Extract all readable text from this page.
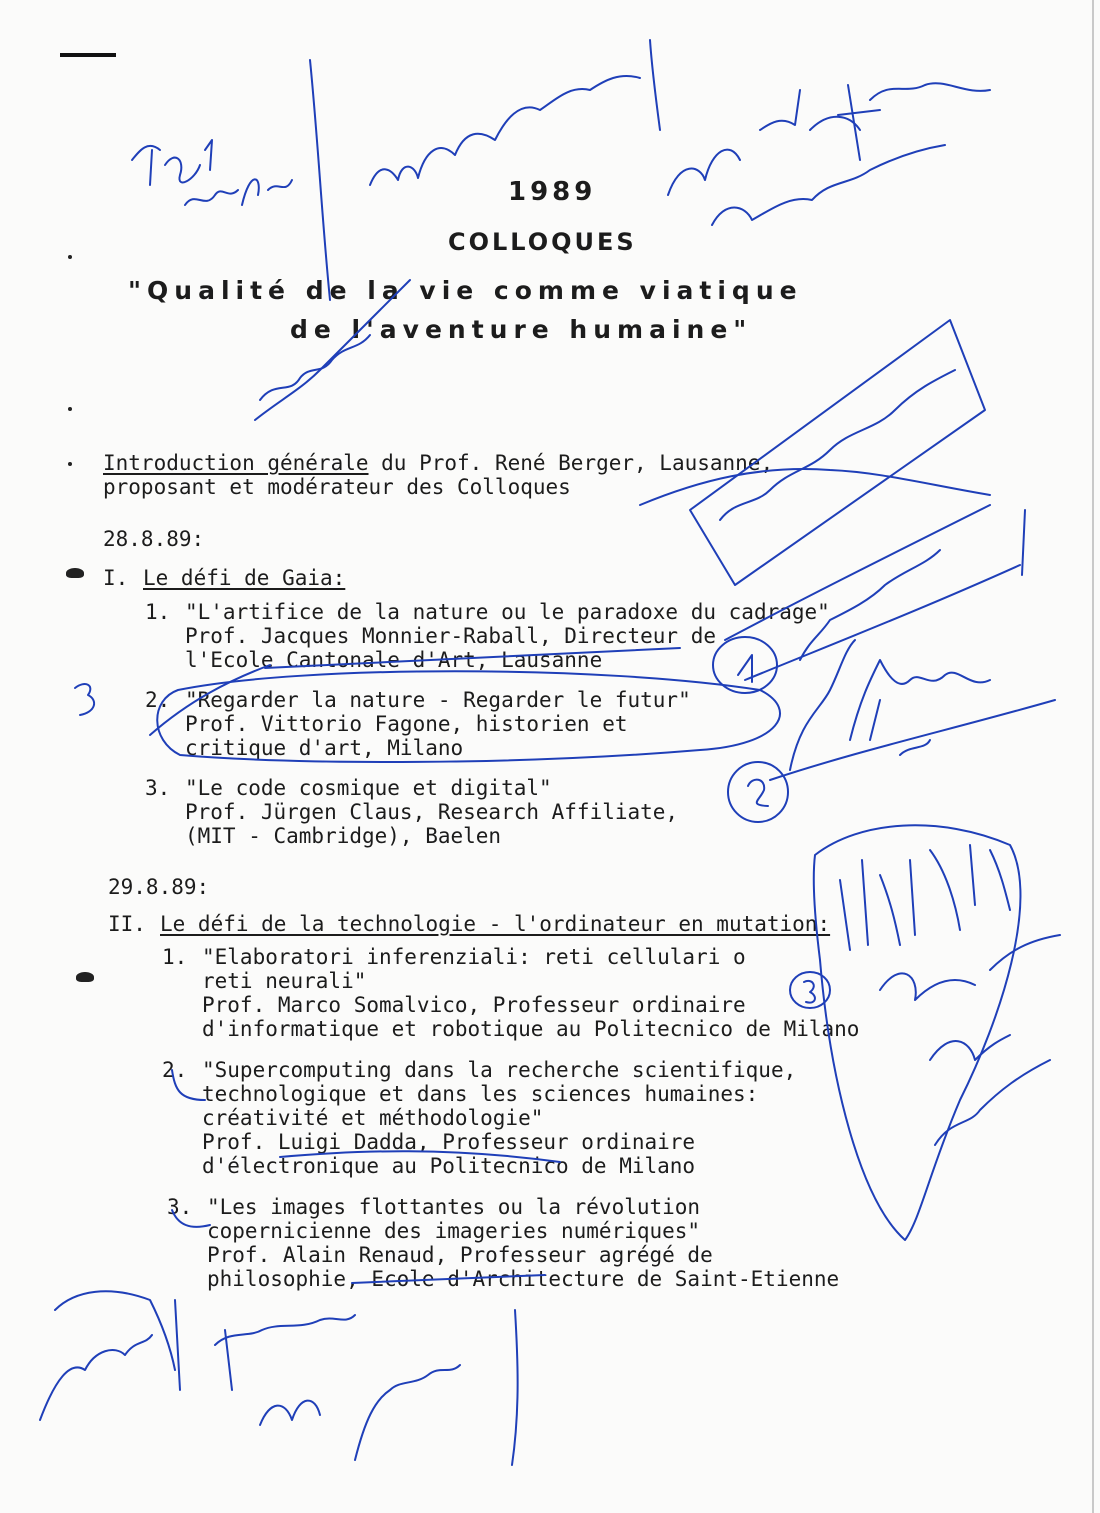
1989
COLLOQUES
"Qualité de la vie comme viatique
de l'aventure humaine"
Introduction générale du Prof. René Berger, Lausanne,
proposant et modérateur des Colloques
28.8.89:
I. Le défi de Gaia:
1. "L'artifice de la nature ou le paradoxe du cadrage"
Prof. Jacques Monnier-Raball, Directeur de
l'Ecole Cantonale d'Art, Lausanne
2. "Regarder la nature - Regarder le futur"
Prof. Vittorio Fagone, historien et
critique d'art, Milano
3. "Le code cosmique et digital"
Prof. Jürgen Claus, Research Affiliate,
(MIT - Cambridge), Baelen
29.8.89:
II. Le défi de la technologie - l'ordinateur en mutation:
1. "Elaboratori inferenziali: reti cellulari o
reti neurali"
Prof. Marco Somalvico, Professeur ordinaire
d'informatique et robotique au Politecnico de Milano
2. "Supercomputing dans la recherche scientifique,
technologique et dans les sciences humaines:
créativité et méthodologie"
Prof. Luigi Dadda, Professeur ordinaire
d'électronique au Politecnico de Milano
3. "Les images flottantes ou la révolution
copernicienne des imageries numériques"
Prof. Alain Renaud, Professeur agrégé de
philosophie, Ecole d'Architecture de Saint-Etienne
